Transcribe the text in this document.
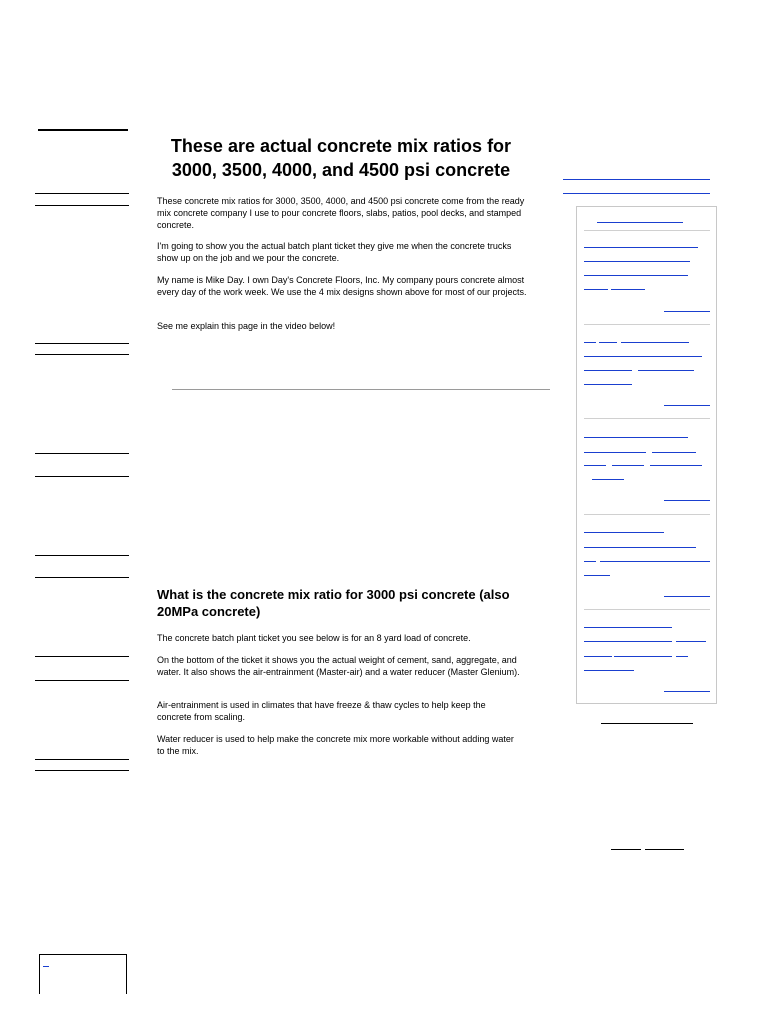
These are actual concrete mix ratios for 3000, 3500, 4000, and 4500 psi concrete

These concrete mix ratios for 3000, 3500, 4000, and 4500 psi concrete come from the ready mix concrete company I use to pour concrete floors, slabs, patios, pool decks, and stamped concrete.

I'm going to show you the actual batch plant ticket they give me when the concrete trucks show up on the job and we pour the concrete.

My name is Mike Day. I own Day's Concrete Floors, Inc. My company pours concrete almost every day of the work week. We use the 4 mix designs shown above for most of our projects.

See me explain this page in the video below!

What is the concrete mix ratio for 3000 psi concrete (also 20MPa concrete)

The concrete batch plant ticket you see below is for an 8 yard load of concrete.

On the bottom of the ticket it shows you the actual weight of cement, sand, aggregate, and water. It also shows the air-entrainment (Master-air) and a water reducer (Master Glenium).

Air-entrainment is used in climates that have freeze & thaw cycles to help keep the concrete from scaling.

Water reducer is used to help make the concrete mix more workable without adding water to the mix.
